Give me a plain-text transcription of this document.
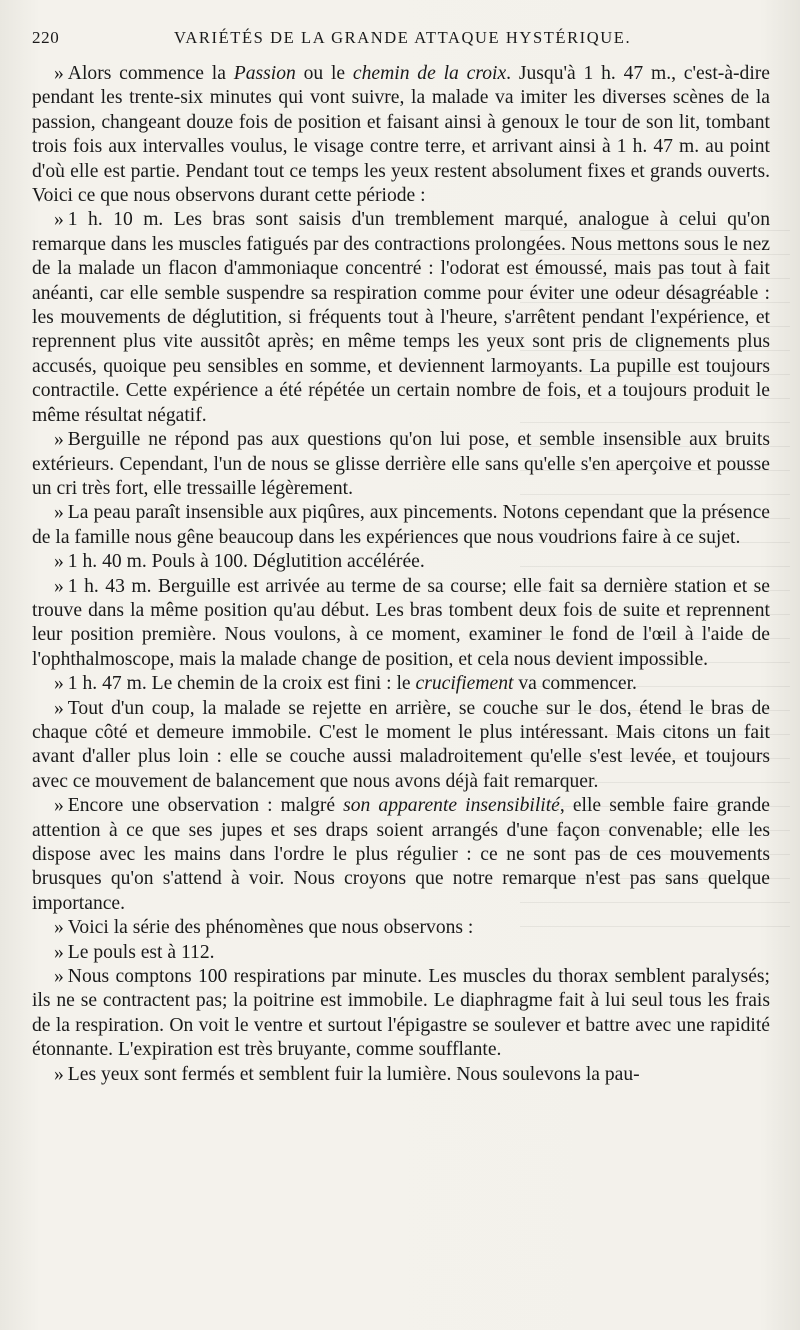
220	VARIÉTÉS DE LA GRANDE ATTAQUE HYSTÉRIQUE.

» Alors commence la Passion ou le chemin de la croix. Jusqu'à 1 h. 47 m., c'est-à-dire pendant les trente-six minutes qui vont suivre, la malade va imiter les diverses scènes de la passion, changeant douze fois de position et faisant ainsi à genoux le tour de son lit, tombant trois fois aux intervalles voulus, le visage contre terre, et arrivant ainsi à 1 h. 47 m. au point d'où elle est partie. Pendant tout ce temps les yeux restent absolument fixes et grands ouverts. Voici ce que nous observons durant cette période :

» 1 h. 10 m. Les bras sont saisis d'un tremblement marqué, analogue à celui qu'on remarque dans les muscles fatigués par des contractions prolongées. Nous mettons sous le nez de la malade un flacon d'ammoniaque concentré : l'odorat est émoussé, mais pas tout à fait anéanti, car elle semble suspendre sa respiration comme pour éviter une odeur désagréable : les mouvements de déglutition, si fréquents tout à l'heure, s'arrêtent pendant l'expérience, et reprennent plus vite aussitôt après; en même temps les yeux sont pris de clignements plus accusés, quoique peu sensibles en somme, et deviennent larmoyants. La pupille est toujours contractile. Cette expérience a été répétée un certain nombre de fois, et a toujours produit le même résultat négatif.

» Berguille ne répond pas aux questions qu'on lui pose, et semble insensible aux bruits extérieurs. Cependant, l'un de nous se glisse derrière elle sans qu'elle s'en aperçoive et pousse un cri très fort, elle tressaille légèrement.

» La peau paraît insensible aux piqûres, aux pincements. Notons cependant que la présence de la famille nous gêne beaucoup dans les expériences que nous voudrions faire à ce sujet.

» 1 h. 40 m. Pouls à 100. Déglutition accélérée.

» 1 h. 43 m. Berguille est arrivée au terme de sa course; elle fait sa dernière station et se trouve dans la même position qu'au début. Les bras tombent deux fois de suite et reprennent leur position première. Nous voulons, à ce moment, examiner le fond de l'œil à l'aide de l'ophthalmoscope, mais la malade change de position, et cela nous devient impossible.

» 1 h. 47 m. Le chemin de la croix est fini : le crucifiement va commencer.

» Tout d'un coup, la malade se rejette en arrière, se couche sur le dos, étend le bras de chaque côté et demeure immobile. C'est le moment le plus intéressant. Mais citons un fait avant d'aller plus loin : elle se couche aussi maladroitement qu'elle s'est levée, et toujours avec ce mouvement de balancement que nous avons déjà fait remarquer.

» Encore une observation : malgré son apparente insensibilité, elle semble faire grande attention à ce que ses jupes et ses draps soient arrangés d'une façon convenable; elle les dispose avec les mains dans l'ordre le plus régulier : ce ne sont pas de ces mouvements brusques qu'on s'attend à voir. Nous croyons que notre remarque n'est pas sans quelque importance.

» Voici la série des phénomènes que nous observons :

» Le pouls est à 112.

» Nous comptons 100 respirations par minute. Les muscles du thorax semblent paralysés; ils ne se contractent pas; la poitrine est immobile. Le diaphragme fait à lui seul tous les frais de la respiration. On voit le ventre et surtout l'épigastre se soulever et battre avec une rapidité étonnante. L'expiration est très bruyante, comme soufflante.

» Les yeux sont fermés et semblent fuir la lumière. Nous soulevons la pau-
